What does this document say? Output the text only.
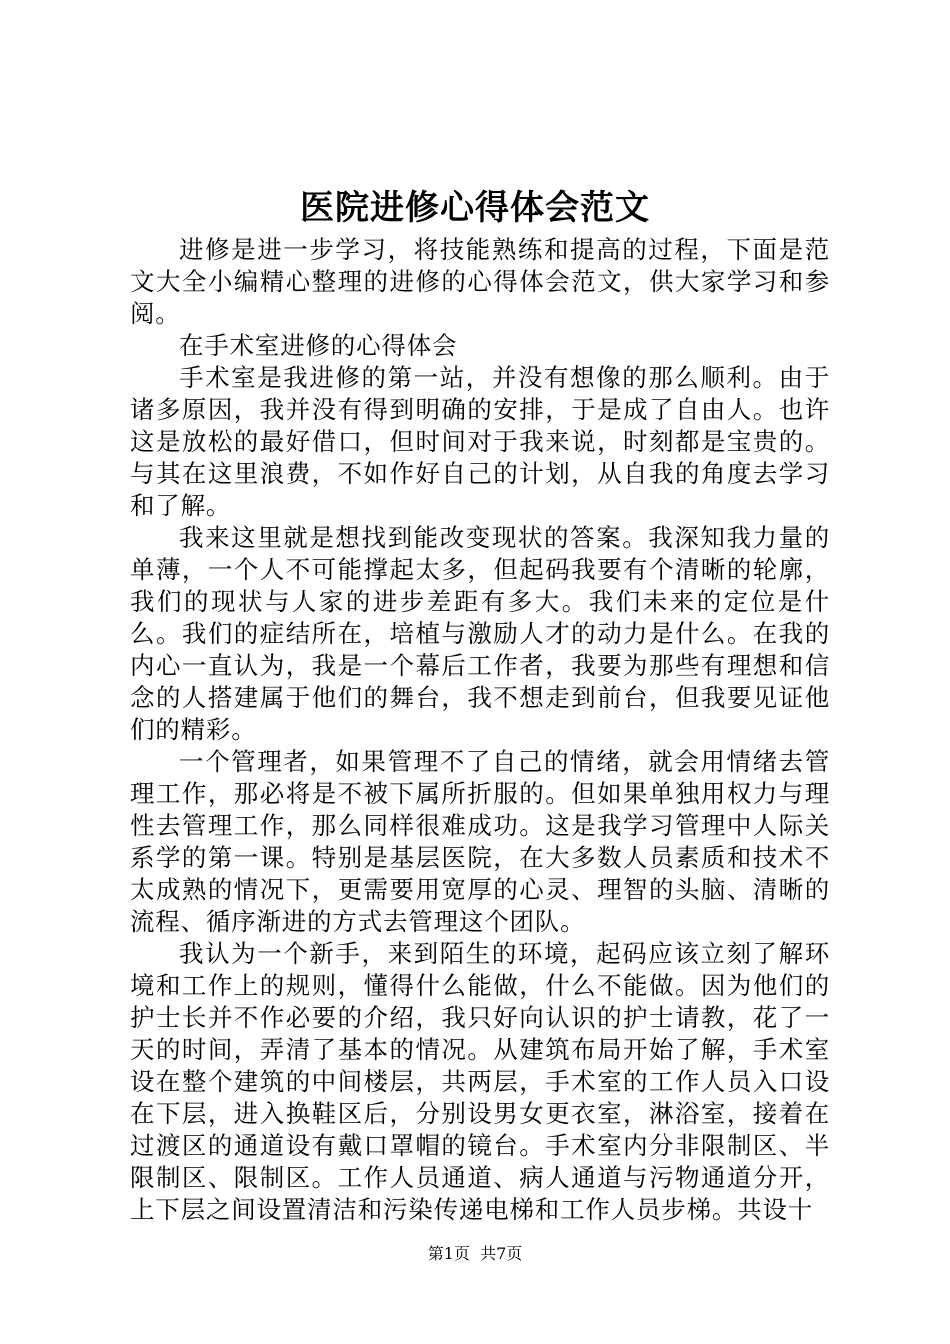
医院进修心得体会范文

进修是进一步学习，将技能熟练和提高的过程，下面是范文大全小编精心整理的进修的心得体会范文，供大家学习和参阅。

在手术室进修的心得体会

手术室是我进修的第一站，并没有想像的那么顺利。由于诸多原因，我并没有得到明确的安排，于是成了自由人。也许这是放松的最好借口，但时间对于我来说，时刻都是宝贵的。与其在这里浪费，不如作好自己的计划，从自我的角度去学习和了解。

我来这里就是想找到能改变现状的答案。我深知我力量的单薄，一个人不可能撑起太多，但起码我要有个清晰的轮廓，我们的现状与人家的进步差距有多大。我们未来的定位是什么。我们的症结所在，培植与激励人才的动力是什么。在我的内心一直认为，我是一个幕后工作者，我要为那些有理想和信念的人搭建属于他们的舞台，我不想走到前台，但我要见证他们的精彩。

一个管理者，如果管理不了自己的情绪，就会用情绪去管理工作，那必将是不被下属所折服的。但如果单独用权力与理性去管理工作，那么同样很难成功。这是我学习管理中人际关系学的第一课。特别是基层医院，在大多数人员素质和技术不太成熟的情况下，更需要用宽厚的心灵、理智的头脑、清晰的流程、循序渐进的方式去管理这个团队。

我认为一个新手，来到陌生的环境，起码应该立刻了解环境和工作上的规则，懂得什么能做，什么不能做。因为他们的护士长并不作必要的介绍，我只好向认识的护士请教，花了一天的时间，弄清了基本的情况。从建筑布局开始了解，手术室设在整个建筑的中间楼层，共两层，手术室的工作人员入口设在下层，进入换鞋区后，分别设男女更衣室，淋浴室，接着在过渡区的通道设有戴口罩帽的镜台。手术室内分非限制区、半限制区、限制区。工作人员通道、病人通道与污物通道分开，上下层之间设置清洁和污染传递电梯和工作人员步梯。共设十

第1页 共7页
